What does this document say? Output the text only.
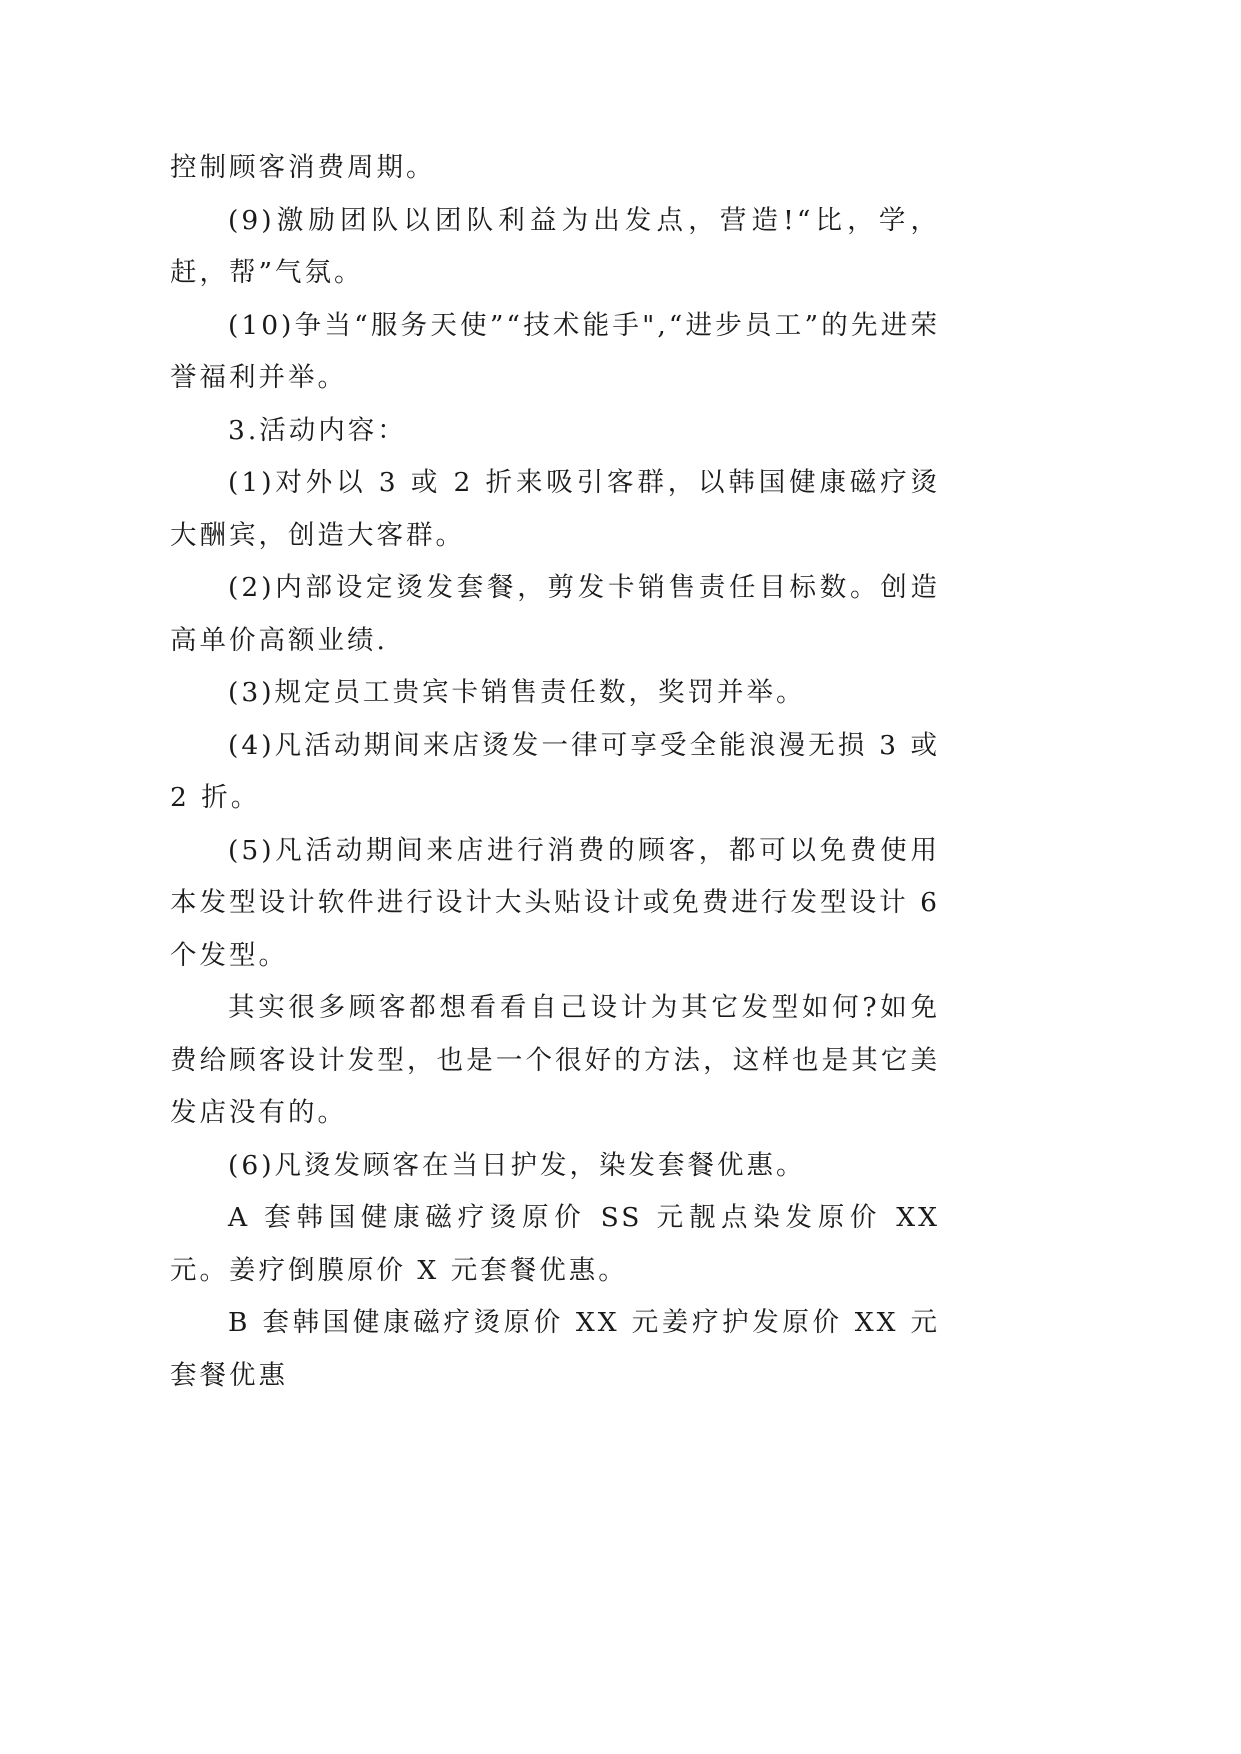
控制顾客消费周期。

(9)激励团队以团队利益为出发点，营造!“比，学，赶，帮”气氛。

(10)争当“服务天使”“技术能手",“进步员工”的先进荣誉福利并举。

3.活动内容：

(1)对外以 3 或 2 折来吸引客群，以韩国健康磁疗烫大酬宾，创造大客群。

(2)内部设定烫发套餐，剪发卡销售责任目标数。创造高单价高额业绩.

(3)规定员工贵宾卡销售责任数，奖罚并举。

(4)凡活动期间来店烫发一律可享受全能浪漫无损 3 或 2 折。

(5)凡活动期间来店进行消费的顾客，都可以免费使用本发型设计软件进行设计大头贴设计或免费进行发型设计 6 个发型。

其实很多顾客都想看看自己设计为其它发型如何?如免费给顾客设计发型，也是一个很好的方法，这样也是其它美发店没有的。

(6)凡烫发顾客在当日护发，染发套餐优惠。

A 套韩国健康磁疗烫原价 SS 元靓点染发原价 XX 元。姜疗倒膜原价 X 元套餐优惠。

B 套韩国健康磁疗烫原价 XX 元姜疗护发原价 XX 元套餐优惠
